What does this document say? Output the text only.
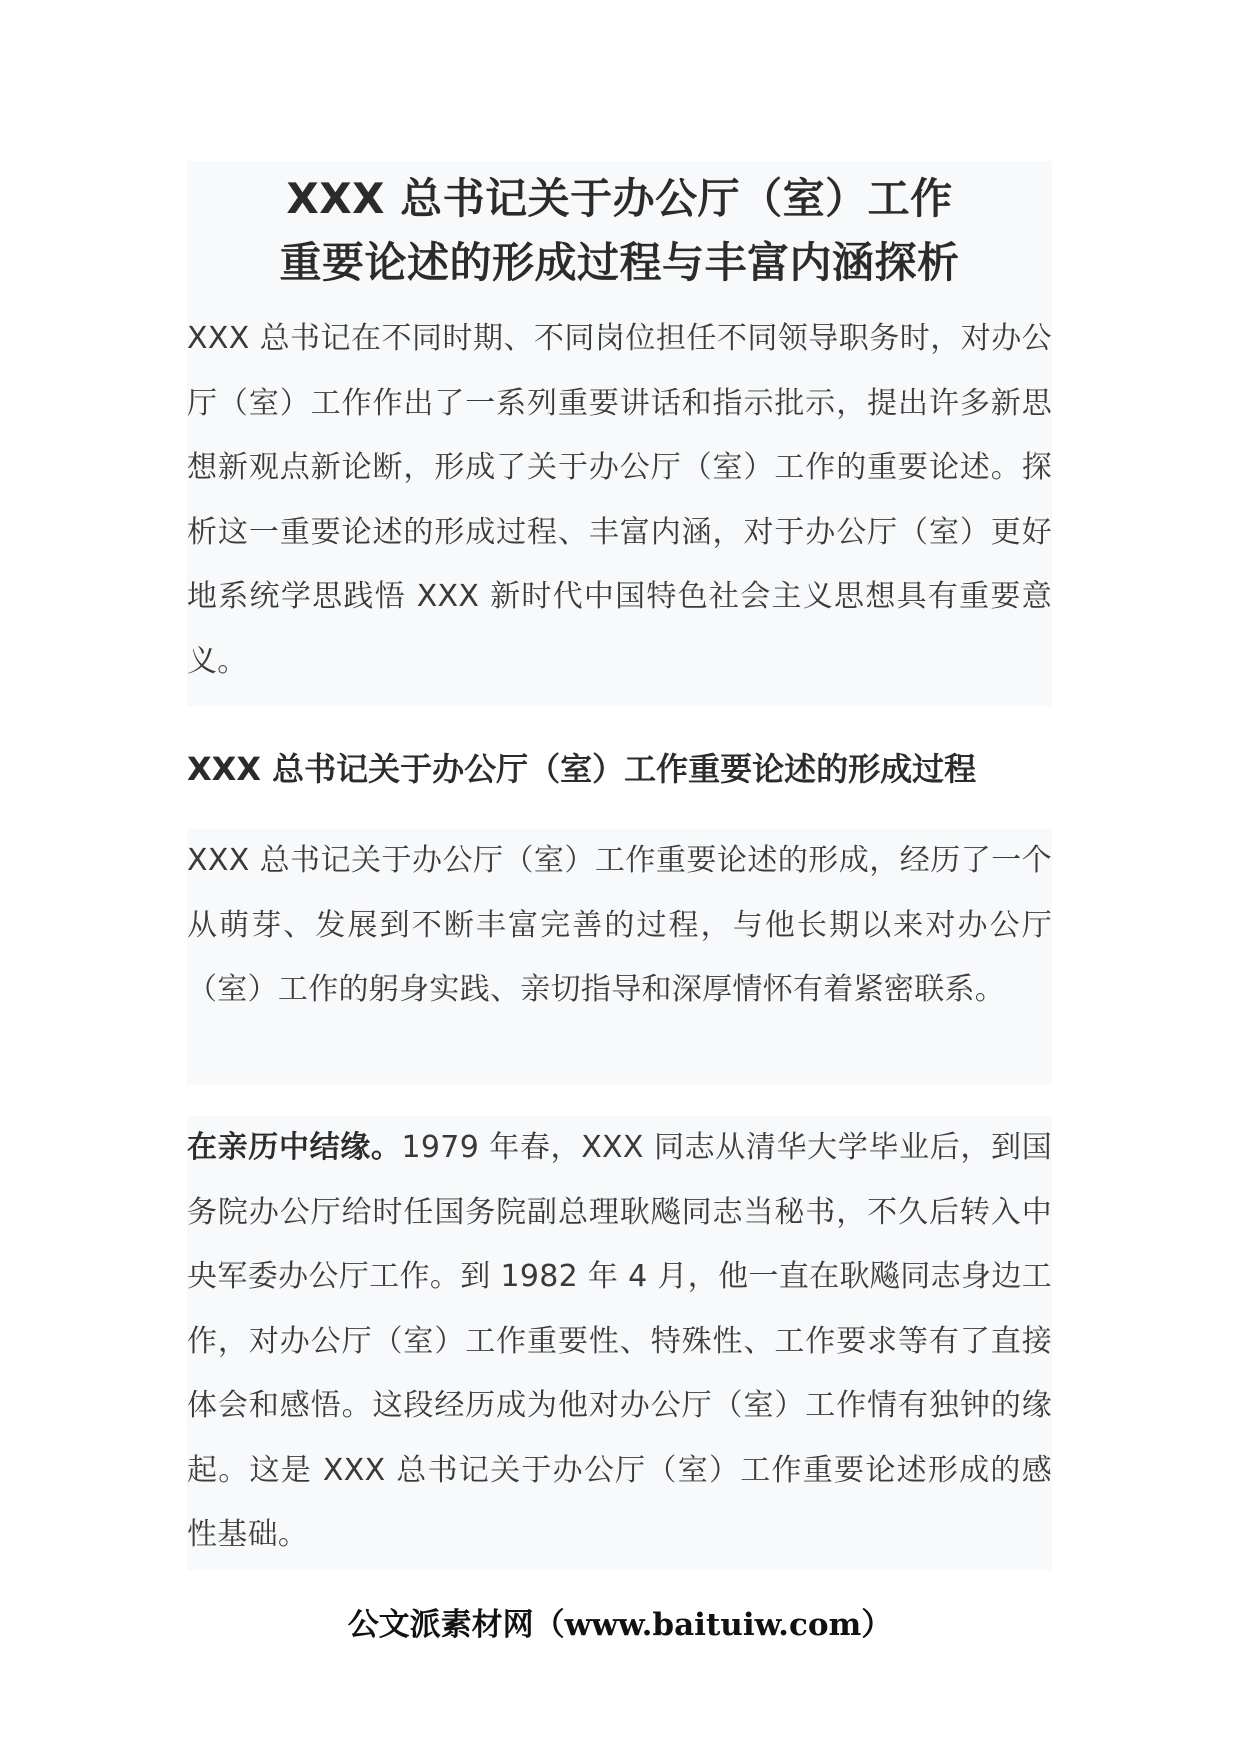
XXX 总书记关于办公厅（室）工作
重要论述的形成过程与丰富内涵探析

XXX 总书记在不同时期、不同岗位担任不同领导职务时，对办公厅（室）工作作出了一系列重要讲话和指示批示，提出许多新思想新观点新论断，形成了关于办公厅（室）工作的重要论述。探析这一重要论述的形成过程、丰富内涵，对于办公厅（室）更好地系统学思践悟 XXX 新时代中国特色社会主义思想具有重要意义。

XXX 总书记关于办公厅（室）工作重要论述的形成过程

XXX 总书记关于办公厅（室）工作重要论述的形成，经历了一个从萌芽、发展到不断丰富完善的过程，与他长期以来对办公厅（室）工作的躬身实践、亲切指导和深厚情怀有着紧密联系。

在亲历中结缘。1979 年春，XXX 同志从清华大学毕业后，到国务院办公厅给时任国务院副总理耿飚同志当秘书，不久后转入中央军委办公厅工作。到 1982 年 4 月，他一直在耿飚同志身边工作，对办公厅（室）工作重要性、特殊性、工作要求等有了直接体会和感悟。这段经历成为他对办公厅（室）工作情有独钟的缘起。这是 XXX 总书记关于办公厅（室）工作重要论述形成的感性基础。

公文派素材网（www.baituiw.com）
